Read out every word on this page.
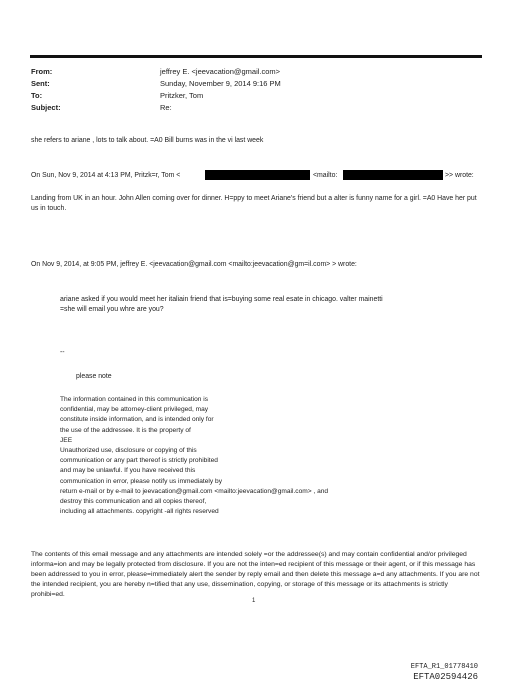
From:	jeffrey E. <jeevacation@gmail.com>
Sent:	Sunday, November 9, 2014 9:16 PM
To:	Pritzker, Tom
Subject:	Re:
she refers to ariane , lots to talk about. =A0 Bill burns was in the vi last week
On Sun, Nov 9, 2014 at 4:13 PM, Pritzk=r, Tom <	<mailto:	>> wrote:
Landing from UK in an hour. John Allen coming over for dinner. H=ppy to meet Ariane's friend but a alter is funny name for a girl. =A0 Have her put us in touch.
On Nov 9, 2014, at 9:05 PM, jeffrey E. <jeevacation@gmail.com <mailto:jeevacation@gm=il.com> > wrote:
ariane asked if you would meet her italiain friend that is=buying some real esate in chicago. valter mainetti
=she will email you whre are you?
--
please note
The information contained in this communication is
confidential, may be attorney-client privileged, may
constitute inside information, and is intended only for
the use of the addressee. It is the property of
JEE
Unauthorized use, disclosure or copying of this
communication or any part thereof is strictly prohibited
and may be unlawful. If you have received this
communication in error, please notify us immediately by
return e-mail or by e-mail to jeevacation@gmail.com <mailto:jeevacation@gmail.com> , and
destroy this communication and all copies thereof,
including all attachments. copyright -all rights reserved
The contents of this email message and any attachments are intended solely =or the addressee(s) and may contain confidential and/or privileged informa=ion and may be legally protected from disclosure. If you are not the inten=ed recipient of this message or their agent, or if this message has been addressed to you in error, please=immediately alert the sender by reply email and then delete this message a=d any attachments. If you are not the intended recipient, you are hereby n=tified that any use, dissemination, copying, or storage of this message or its attachments is strictly prohibi=ed.
1
EFTA_R1_01778410
EFTA02594426
